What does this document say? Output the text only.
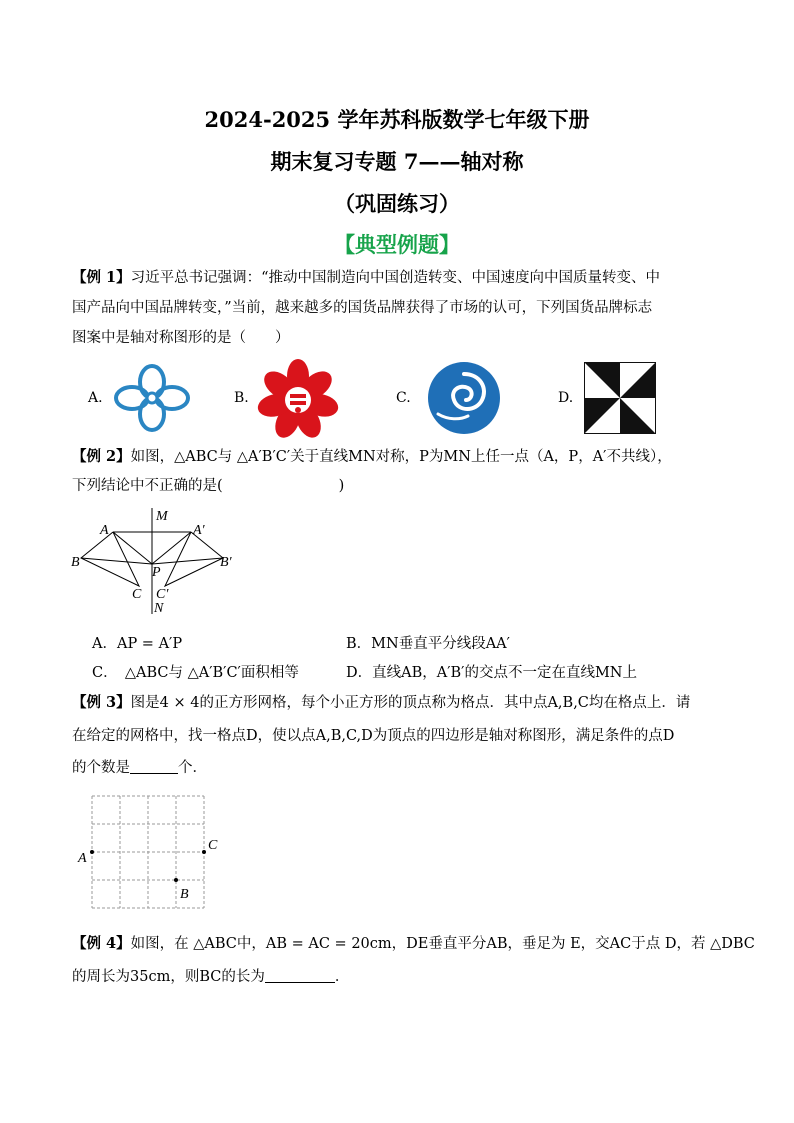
2024-2025 学年苏科版数学七年级下册
期末复习专题 7——轴对称
（巩固练习）
【典型例题】
【例 1】习近平总书记强调：“推动中国制造向中国创造转变、中国速度向中国质量转变、中
国产品向中国品牌转变，”当前，越来越多的国货品牌获得了市场的认可，下列国货品牌标志
图案中是轴对称图形的是（　　）
A.	B.	C.	D.
【例 2】如图，△ABC与 △A′B′C′关于直线MN对称，P为MN上任一点（A，P，A′不共线），
下列结论中不正确的是(　　　　　　　　)
M
A	A′
B	B′
P
C C′
N
A．AP = A′P	B．MN垂直平分线段AA′
C．　△ABC与 △A′B′C′面积相等	D．直线AB，A′B′的交点不一定在直线MN上
【例 3】图是4 × 4的正方形网格，每个小正方形的顶点称为格点．其中点A,B,C均在格点上．请
在给定的网格中，找一格点D，使以点A,B,C,D为顶点的四边形是轴对称图形，满足条件的点D
的个数是	个．
A
C
B
【例 4】如图，在 △ABC中，AB = AC = 20cm，DE垂直平分AB，垂足为 E，交AC于点 D，若 △DBC
的周长为35cm，则BC的长为	．
